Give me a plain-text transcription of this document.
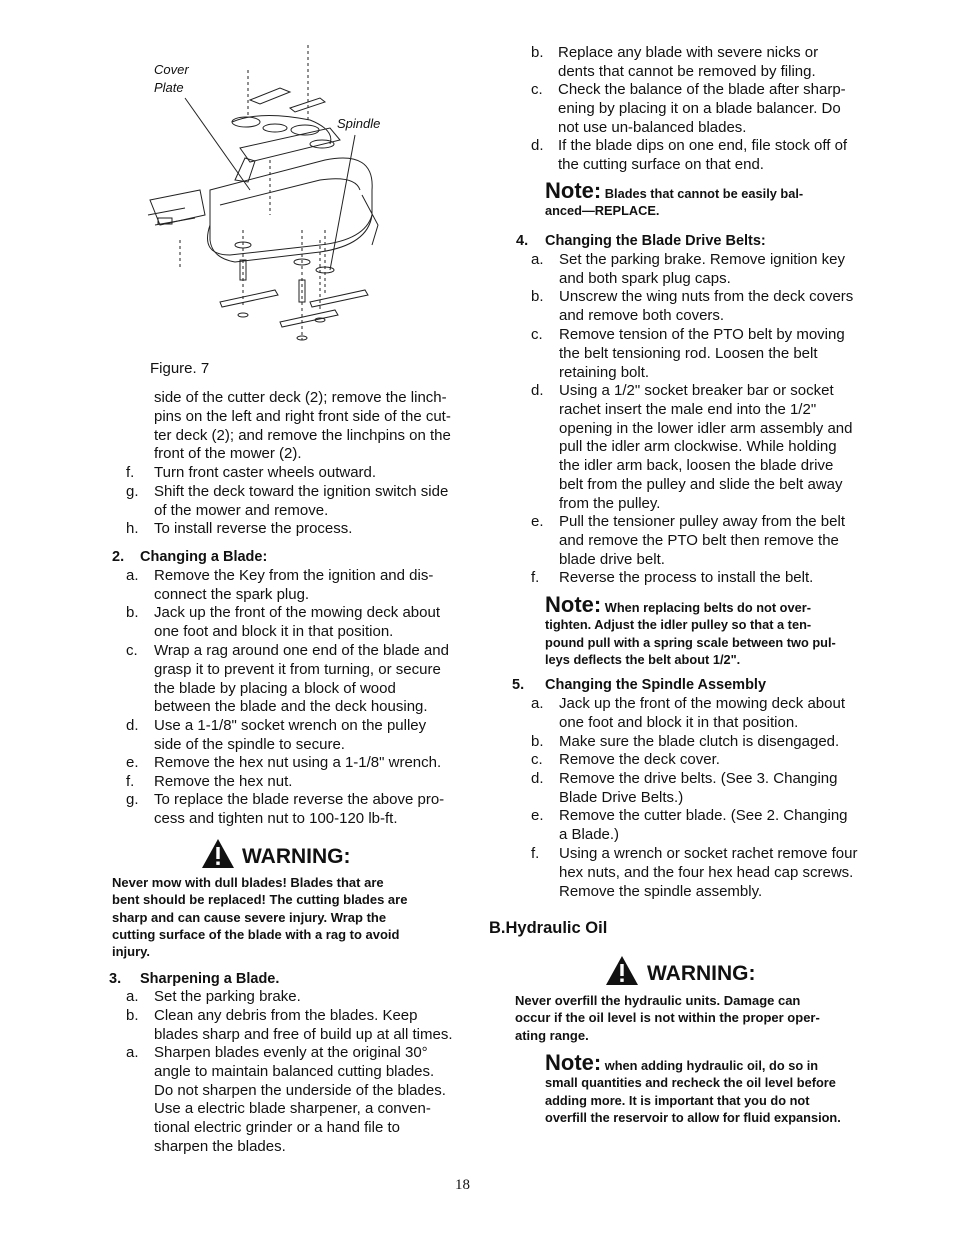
Cover
Plate
Spindle
Figure. 7
side of the cutter deck (2); remove the linch-
pins on the left and right front side of the cut-
ter deck (2); and remove the linchpins on the
front of the mower (2).
f. Turn front caster wheels outward.
g. Shift the deck toward the ignition switch side
of the mower and remove.
h. To install reverse the process.
2. Changing a Blade:
a. Remove the Key from the ignition and dis-
connect the spark plug.
b. Jack up the front of the mowing deck about
one foot and block it in that position.
c. Wrap a rag around one end of the blade and
grasp it to prevent it from turning, or secure
the blade by placing a block of wood
between the blade and the deck housing.
d. Use a 1-1/8" socket wrench on the pulley
side of the spindle to secure.
e. Remove the hex nut using a 1-1/8" wrench.
f. Remove the hex nut.
g. To replace the blade reverse the above pro-
cess and tighten nut to 100-120 lb-ft.
WARNING:
Never mow with dull blades! Blades that are
bent should be replaced! The cutting blades are
sharp and can cause severe injury. Wrap the
cutting surface of the blade with a rag to avoid
injury.
3. Sharpening a Blade.
a. Set the parking brake.
b. Clean any debris from the blades. Keep
blades sharp and free of build up at all times.
a. Sharpen blades evenly at the original 30°
angle to maintain balanced cutting blades.
Do not sharpen the underside of the blades.
Use a electric blade sharpener, a conven-
tional electric grinder or a hand file to
sharpen the blades.
b. Replace any blade with severe nicks or
dents that cannot be removed by filing.
c. Check the balance of the blade after sharp-
ening by placing it on a blade balancer. Do
not use un-balanced blades.
d. If the blade dips on one end, file stock off of
the cutting surface on that end.
Note: Blades that cannot be easily bal-
anced—REPLACE.
4. Changing the Blade Drive Belts:
a. Set the parking brake. Remove ignition key
and both spark plug caps.
b. Unscrew the wing nuts from the deck covers
and remove both covers.
c. Remove tension of the PTO belt by moving
the belt tensioning rod. Loosen the belt
retaining bolt.
d. Using a 1/2" socket breaker bar or socket
rachet insert the male end into the 1/2"
opening in the lower idler arm assembly and
pull the idler arm clockwise. While holding
the idler arm back, loosen the blade drive
belt from the pulley and slide the belt away
from the pulley.
e. Pull the tensioner pulley away from the belt
and remove the PTO belt then remove the
blade drive belt.
f. Reverse the process to install the belt.
Note: When replacing belts do not over-
tighten. Adjust the idler pulley so that a ten-
pound pull with a spring scale between two pul-
leys deflects the belt about 1/2".
5. Changing the Spindle Assembly
a. Jack up the front of the mowing deck about
one foot and block it in that position.
b. Make sure the blade clutch is disengaged.
c. Remove the deck cover.
d. Remove the drive belts. (See 3. Changing
Blade Drive Belts.)
e. Remove the cutter blade. (See 2. Changing
a Blade.)
f. Using a wrench or socket rachet remove four
hex nuts, and the four hex head cap screws.
Remove the spindle assembly.
B.Hydraulic Oil
WARNING:
Never overfill the hydraulic units. Damage can
occur if the oil level is not within the proper oper-
ating range.
Note: when adding hydraulic oil, do so in
small quantities and recheck the oil level before
adding more. It is important that you do not
overfill the reservoir to allow for fluid expansion.
18
